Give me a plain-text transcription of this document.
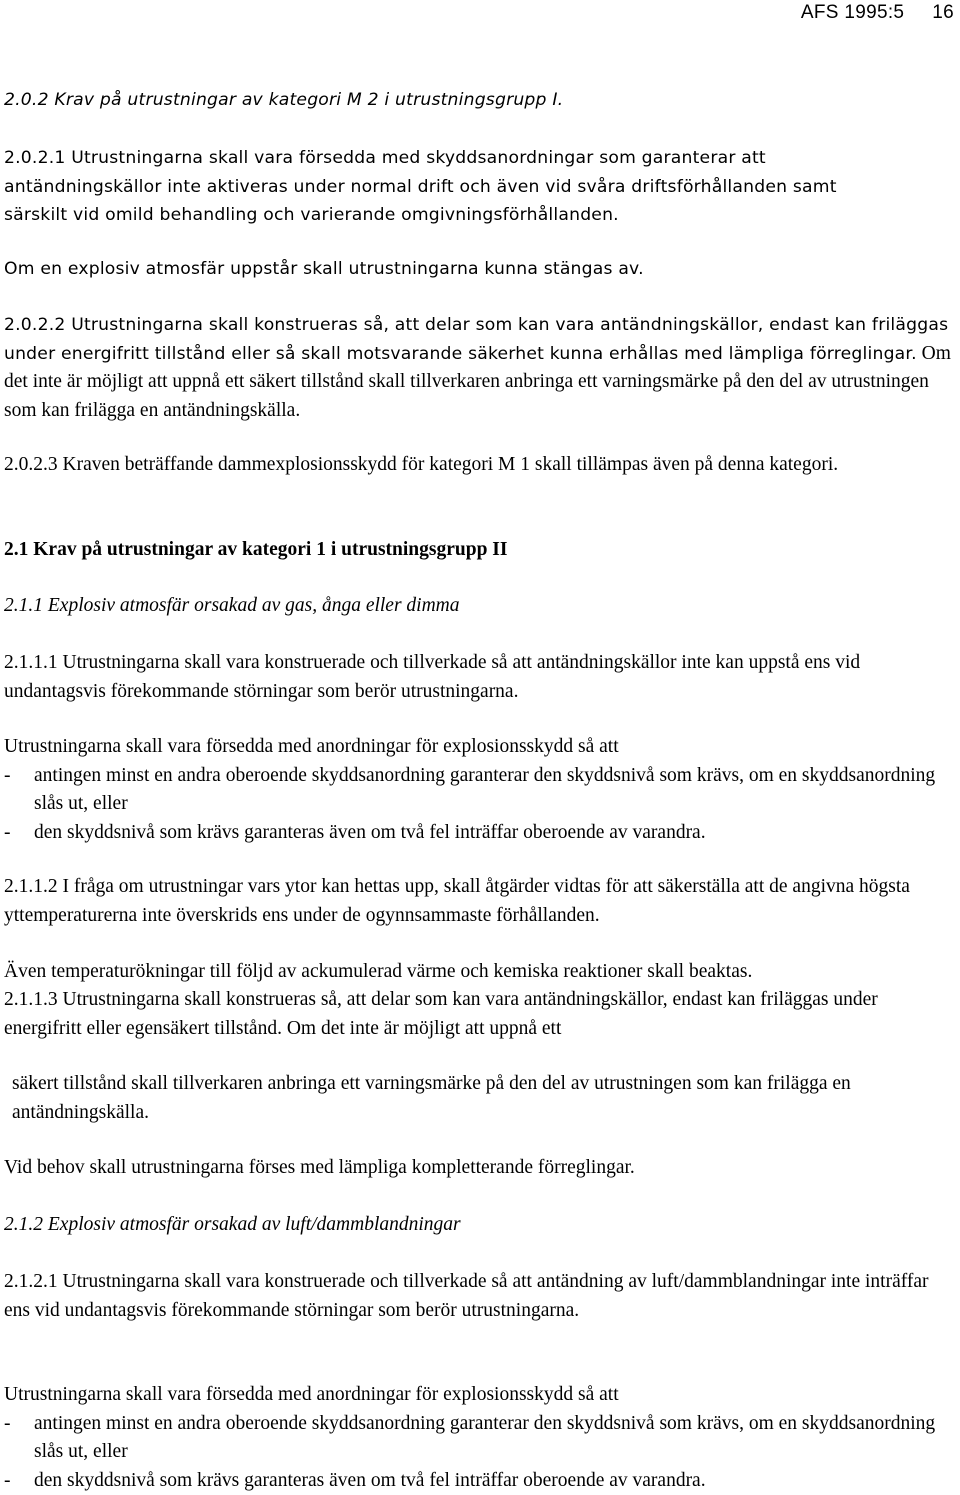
AFS 1995:5 16

2.0.2 Krav på utrustningar av kategori M 2 i utrustningsgrupp I.

2.0.2.1 Utrustningarna skall vara försedda med skyddsanordningar som garanterar att
antändningskällor inte aktiveras under normal drift och även vid svåra driftsförhållanden samt
särskilt vid omild behandling och varierande omgivningsförhållanden.

Om en explosiv atmosfär uppstår skall utrustningarna kunna stängas av.

2.0.2.2 Utrustningarna skall konstrueras så, att delar som kan vara antändningskällor, endast kan friläggas under energifritt tillstånd eller så skall motsvarande säkerhet kunna erhållas med lämpliga förreglingar. Om det inte är möjligt att uppnå ett säkert tillstånd skall tillverkaren anbringa ett varningsmärke på den del av utrustningen som kan frilägga en antändningskälla.

2.0.2.3 Kraven beträffande dammexplosionsskydd för kategori M 1 skall tillämpas även på denna kategori.

2.1 Krav på utrustningar av kategori 1 i utrustningsgrupp II

2.1.1 Explosiv atmosfär orsakad av gas, ånga eller dimma

2.1.1.1 Utrustningarna skall vara konstruerade och tillverkade så att antändningskällor inte kan uppstå ens vid undantagsvis förekommande störningar som berör utrustningarna.

Utrustningarna skall vara försedda med anordningar för explosionsskydd så att
- antingen minst en andra oberoende skyddsanordning garanterar den skyddsnivå som krävs, om en skyddsanordning slås ut, eller
- den skyddsnivå som krävs garanteras även om två fel inträffar oberoende av varandra.

2.1.1.2 I fråga om utrustningar vars ytor kan hettas upp, skall åtgärder vidtas för att säkerställa att de angivna högsta yttemperaturerna inte överskrids ens under de ogynnsammaste förhållanden.

Även temperaturökningar till följd av ackumulerad värme och kemiska reaktioner skall beaktas.

2.1.1.3 Utrustningarna skall konstrueras så, att delar som kan vara antändningskällor, endast kan friläggas under energifritt eller egensäkert tillstånd. Om det inte är möjligt att uppnå ett

säkert tillstånd skall tillverkaren anbringa ett varningsmärke på den del av utrustningen som kan frilägga en antändningskälla.

Vid behov skall utrustningarna förses med lämpliga kompletterande förreglingar.

2.1.2 Explosiv atmosfär orsakad av luft/dammblandningar

2.1.2.1 Utrustningarna skall vara konstruerade och tillverkade så att antändning av luft/dammblandningar inte inträffar ens vid undantagsvis förekommande störningar som berör utrustningarna.

Utrustningarna skall vara försedda med anordningar för explosionsskydd så att
- antingen minst en andra oberoende skyddsanordning garanterar den skyddsnivå som krävs, om en skyddsanordning slås ut, eller
- den skyddsnivå som krävs garanteras även om två fel inträffar oberoende av varandra.
